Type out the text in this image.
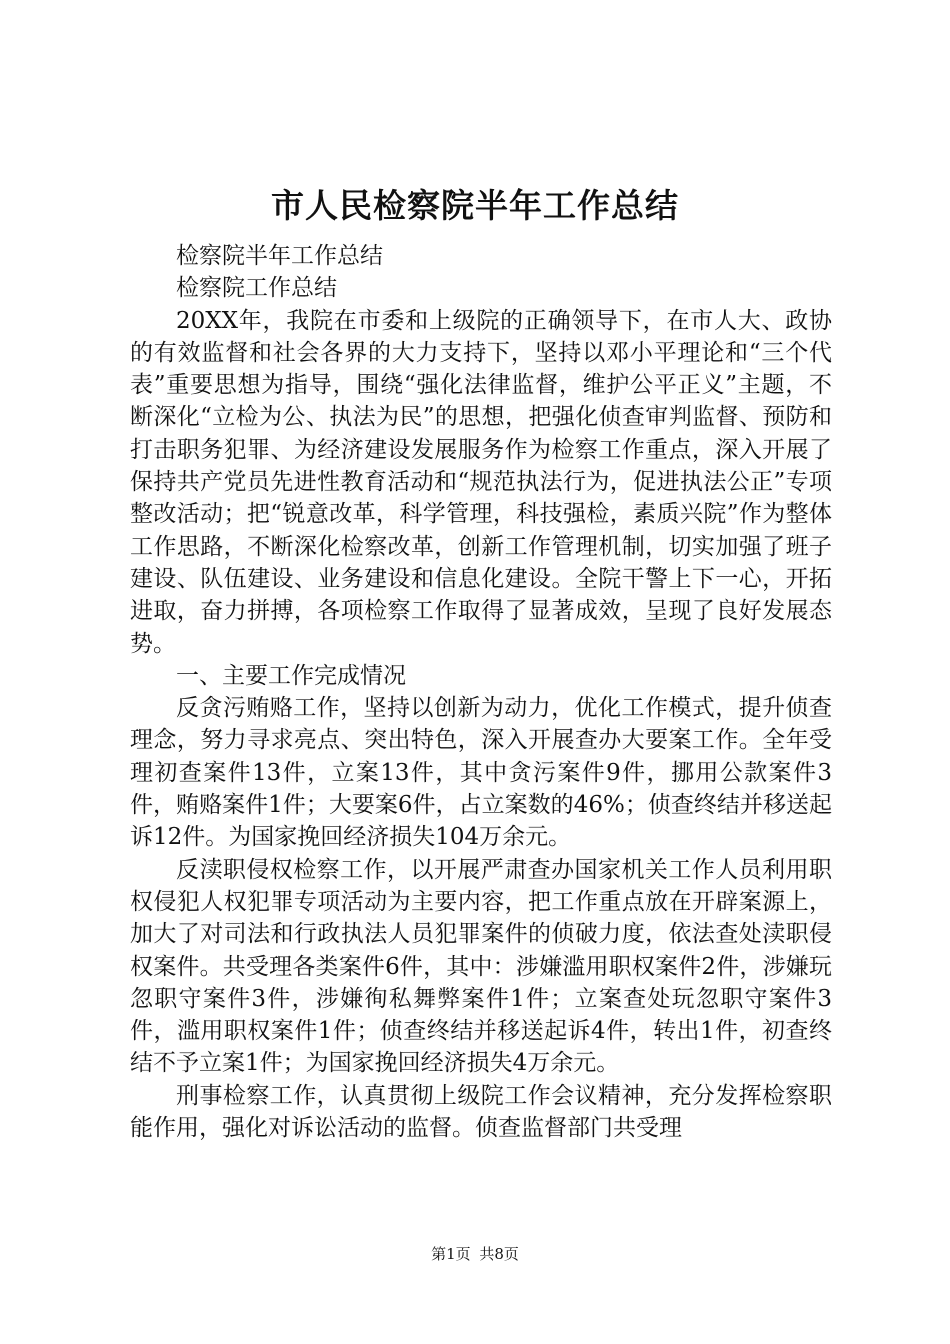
市人民检察院半年工作总结

检察院半年工作总结

检察院工作总结

20XX年，我院在市委和上级院的正确领导下，在市人大、政协的有效监督和社会各界的大力支持下，坚持以邓小平理论和“三个代表”重要思想为指导，围绕“强化法律监督，维护公平正义”主题，不断深化“立检为公、执法为民”的思想，把强化侦查审判监督、预防和打击职务犯罪、为经济建设发展服务作为检察工作重点，深入开展了保持共产党员先进性教育活动和“规范执法行为，促进执法公正”专项整改活动；把“锐意改革，科学管理，科技强检，素质兴院”作为整体工作思路，不断深化检察改革，创新工作管理机制，切实加强了班子建设、队伍建设、业务建设和信息化建设。全院干警上下一心，开拓进取，奋力拼搏，各项检察工作取得了显著成效，呈现了良好发展态势。

一、主要工作完成情况

反贪污贿赂工作，坚持以创新为动力，优化工作模式，提升侦查理念，努力寻求亮点、突出特色，深入开展查办大要案工作。全年受理初查案件13件，立案13件，其中贪污案件9件，挪用公款案件3件，贿赂案件1件；大要案6件，占立案数的46%；侦查终结并移送起诉12件。为国家挽回经济损失104万余元。

反渎职侵权检察工作，以开展严肃查办国家机关工作人员利用职权侵犯人权犯罪专项活动为主要内容，把工作重点放在开辟案源上，加大了对司法和行政执法人员犯罪案件的侦破力度，依法查处渎职侵权案件。共受理各类案件6件，其中：涉嫌滥用职权案件2件，涉嫌玩忽职守案件3件，涉嫌徇私舞弊案件1件；立案查处玩忽职守案件3件，滥用职权案件1件；侦查终结并移送起诉4件，转出1件，初查终结不予立案1件；为国家挽回经济损失4万余元。

刑事检察工作，认真贯彻上级院工作会议精神，充分发挥检察职能作用，强化对诉讼活动的监督。侦查监督部门共受理

第1页 共8页
